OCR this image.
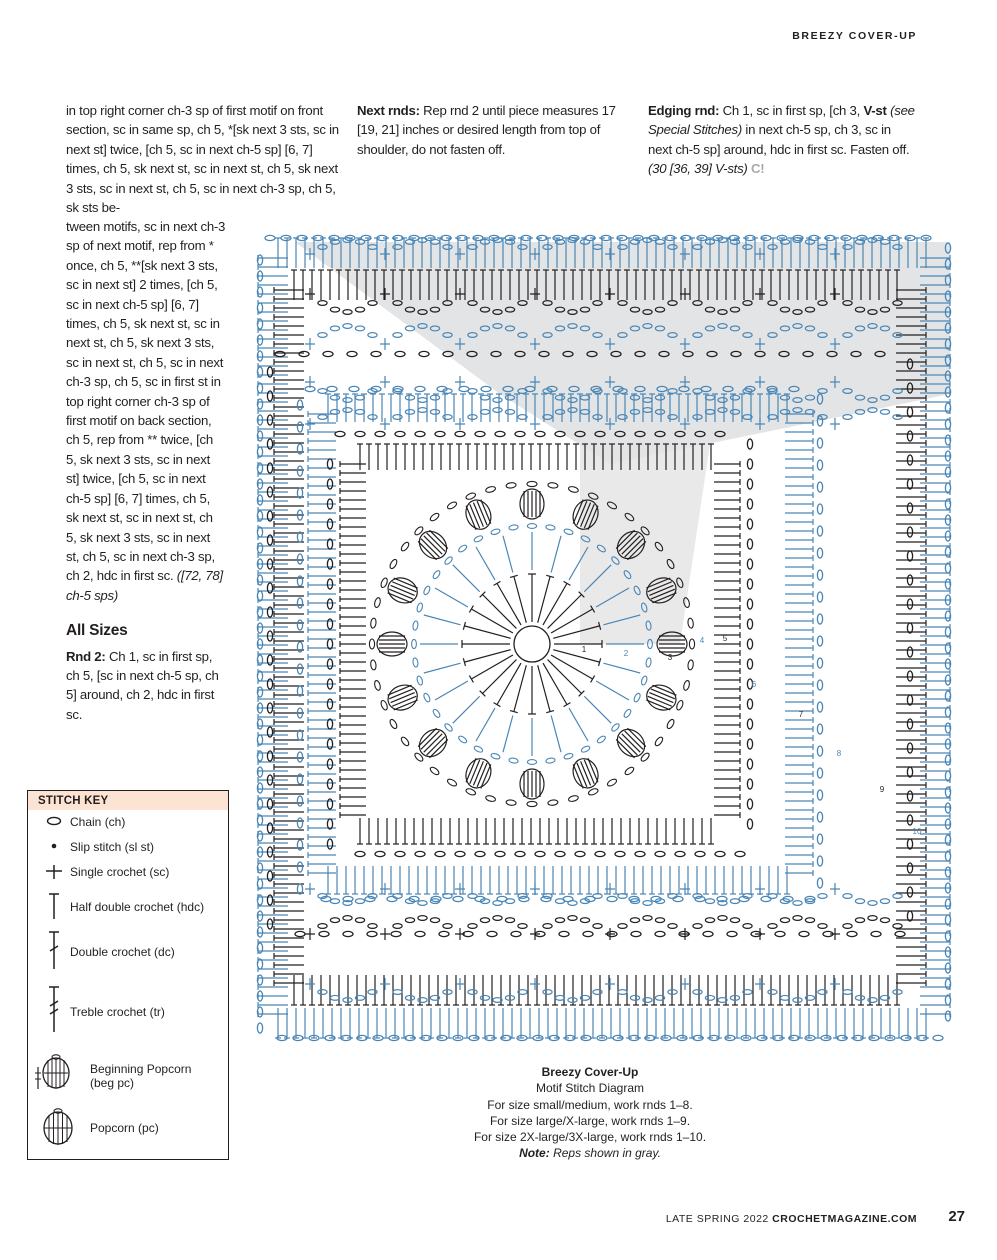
BREEZY COVER-UP

in top right corner ch-3 sp of first motif on front section, sc in same sp, ch 5, *[sk next 3 sts, sc in next st] twice, [ch 5, sc in next ch-5 sp] [6, 7] times, ch 5, sk next st, sc in next st, ch 5, sk next 3 sts, sc in next st, ch 5, sc in next ch-3 sp, ch 5, sk sts be-

tween motifs, sc in next ch-3 sp of next motif, rep from * once, ch 5, **[sk next 3 sts, sc in next st] 2 times, [ch 5, sc in next ch-5 sp] [6, 7] times, ch 5, sk next st, sc in next st, ch 5, sk next 3 sts, sc in next st, ch 5, sc in next ch-3 sp, ch 5, sc in first st in top right corner ch-3 sp of first motif on back section, ch 5, rep from ** twice, [ch 5, sk next 3 sts, sc in next st] twice, [ch 5, sc in next ch-5 sp] [6, 7] times, ch 5, sk next st, sc in next st, ch 5, sk next 3 sts, sc in next st, ch 5, sc in next ch-3 sp, ch 2, hdc in first sc. ([72, 78] ch-5 sps)

All Sizes

Rnd 2: Ch 1, sc in first sp, ch 5, [sc in next ch-5 sp, ch 5] around, ch 2, hdc in first sc.

Next rnds: Rep rnd 2 until piece measures 17 [19, 21] inches or desired length from top of shoulder, do not fasten off.

Edging rnd: Ch 1, sc in first sp, [ch 3, V-st (see Special Stitches) in next ch-5 sp, ch 3, sc in next ch-5 sp] around, hdc in first sc. Fasten off. (30 [36, 39] V-sts) C!

STITCH KEY
Chain (ch)
Slip stitch (sl st)
Single crochet (sc)
Half double crochet (hdc)
Double crochet (dc)
Treble crochet (tr)
Beginning Popcorn
(beg pc)
Popcorn (pc)
1	2	3
4 5
6
7
8
9
10
Breezy Cover-Up
Motif Stitch Diagram
For size small/medium, work rnds 1–8.
For size large/X-large, work rnds 1–9.
For size 2X-large/3X-large, work rnds 1–10.
Note: Reps shown in gray.
LATE SPRING 2022 CROCHETMAGAZINE.COM 27
